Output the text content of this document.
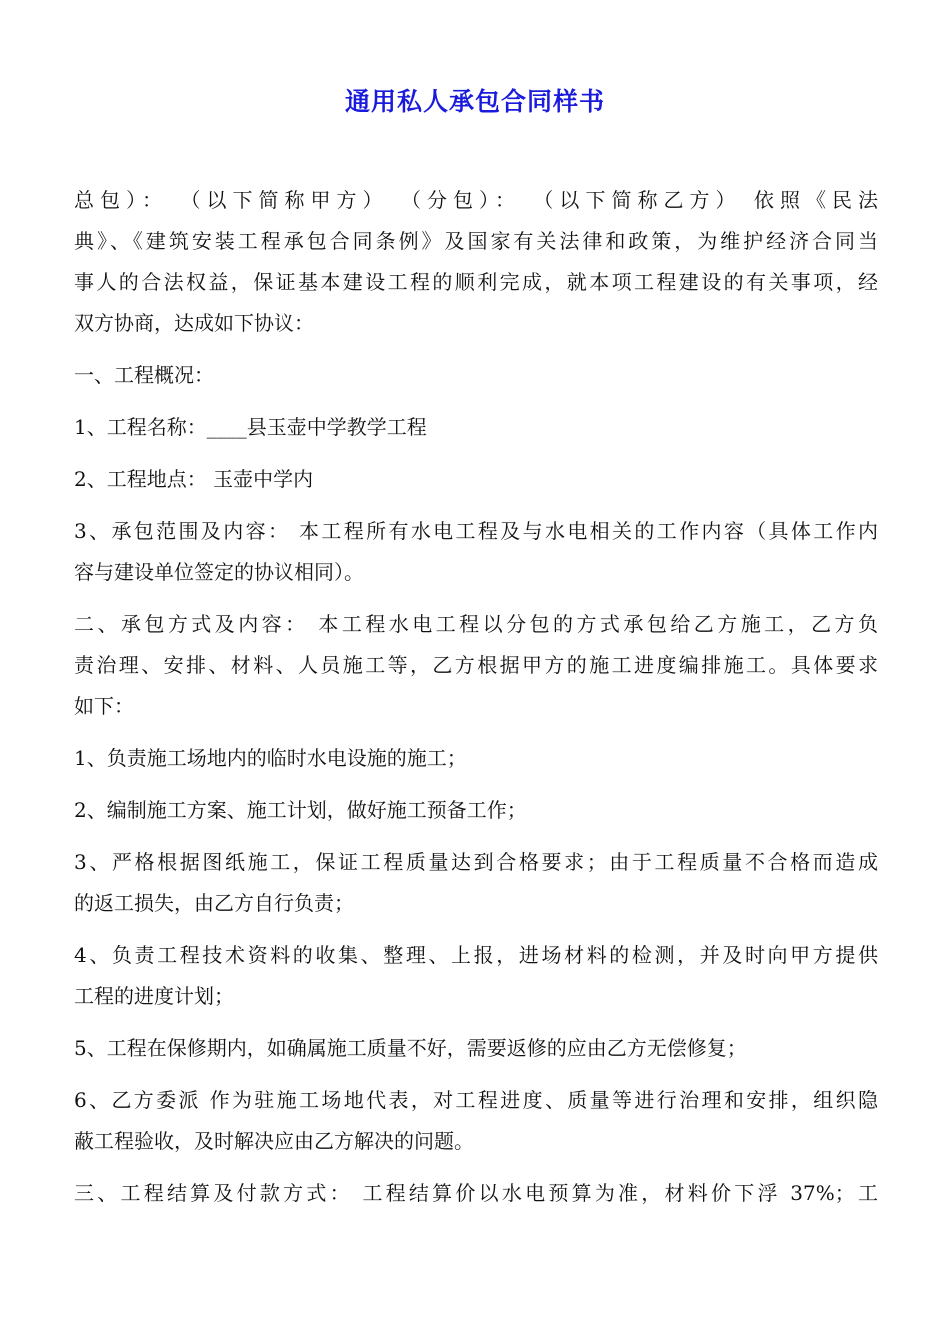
通用私人承包合同样书
总包）： （以下简称甲方） （分包）： （以下简称乙方） 依照《民法
典》、《建筑安装工程承包合同条例》及国家有关法律和政策，为维护经济合同当
事人的合法权益，保证基本建设工程的顺利完成，就本项工程建设的有关事项，经
双方协商，达成如下协议：
一、工程概况：
1、工程名称：____县玉壶中学教学工程
2、工程地点： 玉壶中学内
3、承包范围及内容： 本工程所有水电工程及与水电相关的工作内容（具体工作内
容与建设单位签定的协议相同）。
二、承包方式及内容： 本工程水电工程以分包的方式承包给乙方施工，乙方负
责治理、安排、材料、人员施工等，乙方根据甲方的施工进度编排施工。具体要求
如下：
1、负责施工场地内的临时水电设施的施工；
2、编制施工方案、施工计划，做好施工预备工作；
3、严格根据图纸施工，保证工程质量达到合格要求；由于工程质量不合格而造成
的返工损失，由乙方自行负责；
4、负责工程技术资料的收集、整理、上报，进场材料的检测，并及时向甲方提供
工程的进度计划；
5、工程在保修期内，如确属施工质量不好，需要返修的应由乙方无偿修复；
6、乙方委派 作为驻施工场地代表，对工程进度、质量等进行治理和安排，组织隐
蔽工程验收，及时解决应由乙方解决的问题。
三、工程结算及付款方式： 工程结算价以水电预算为准，材料价下浮 37%；工
